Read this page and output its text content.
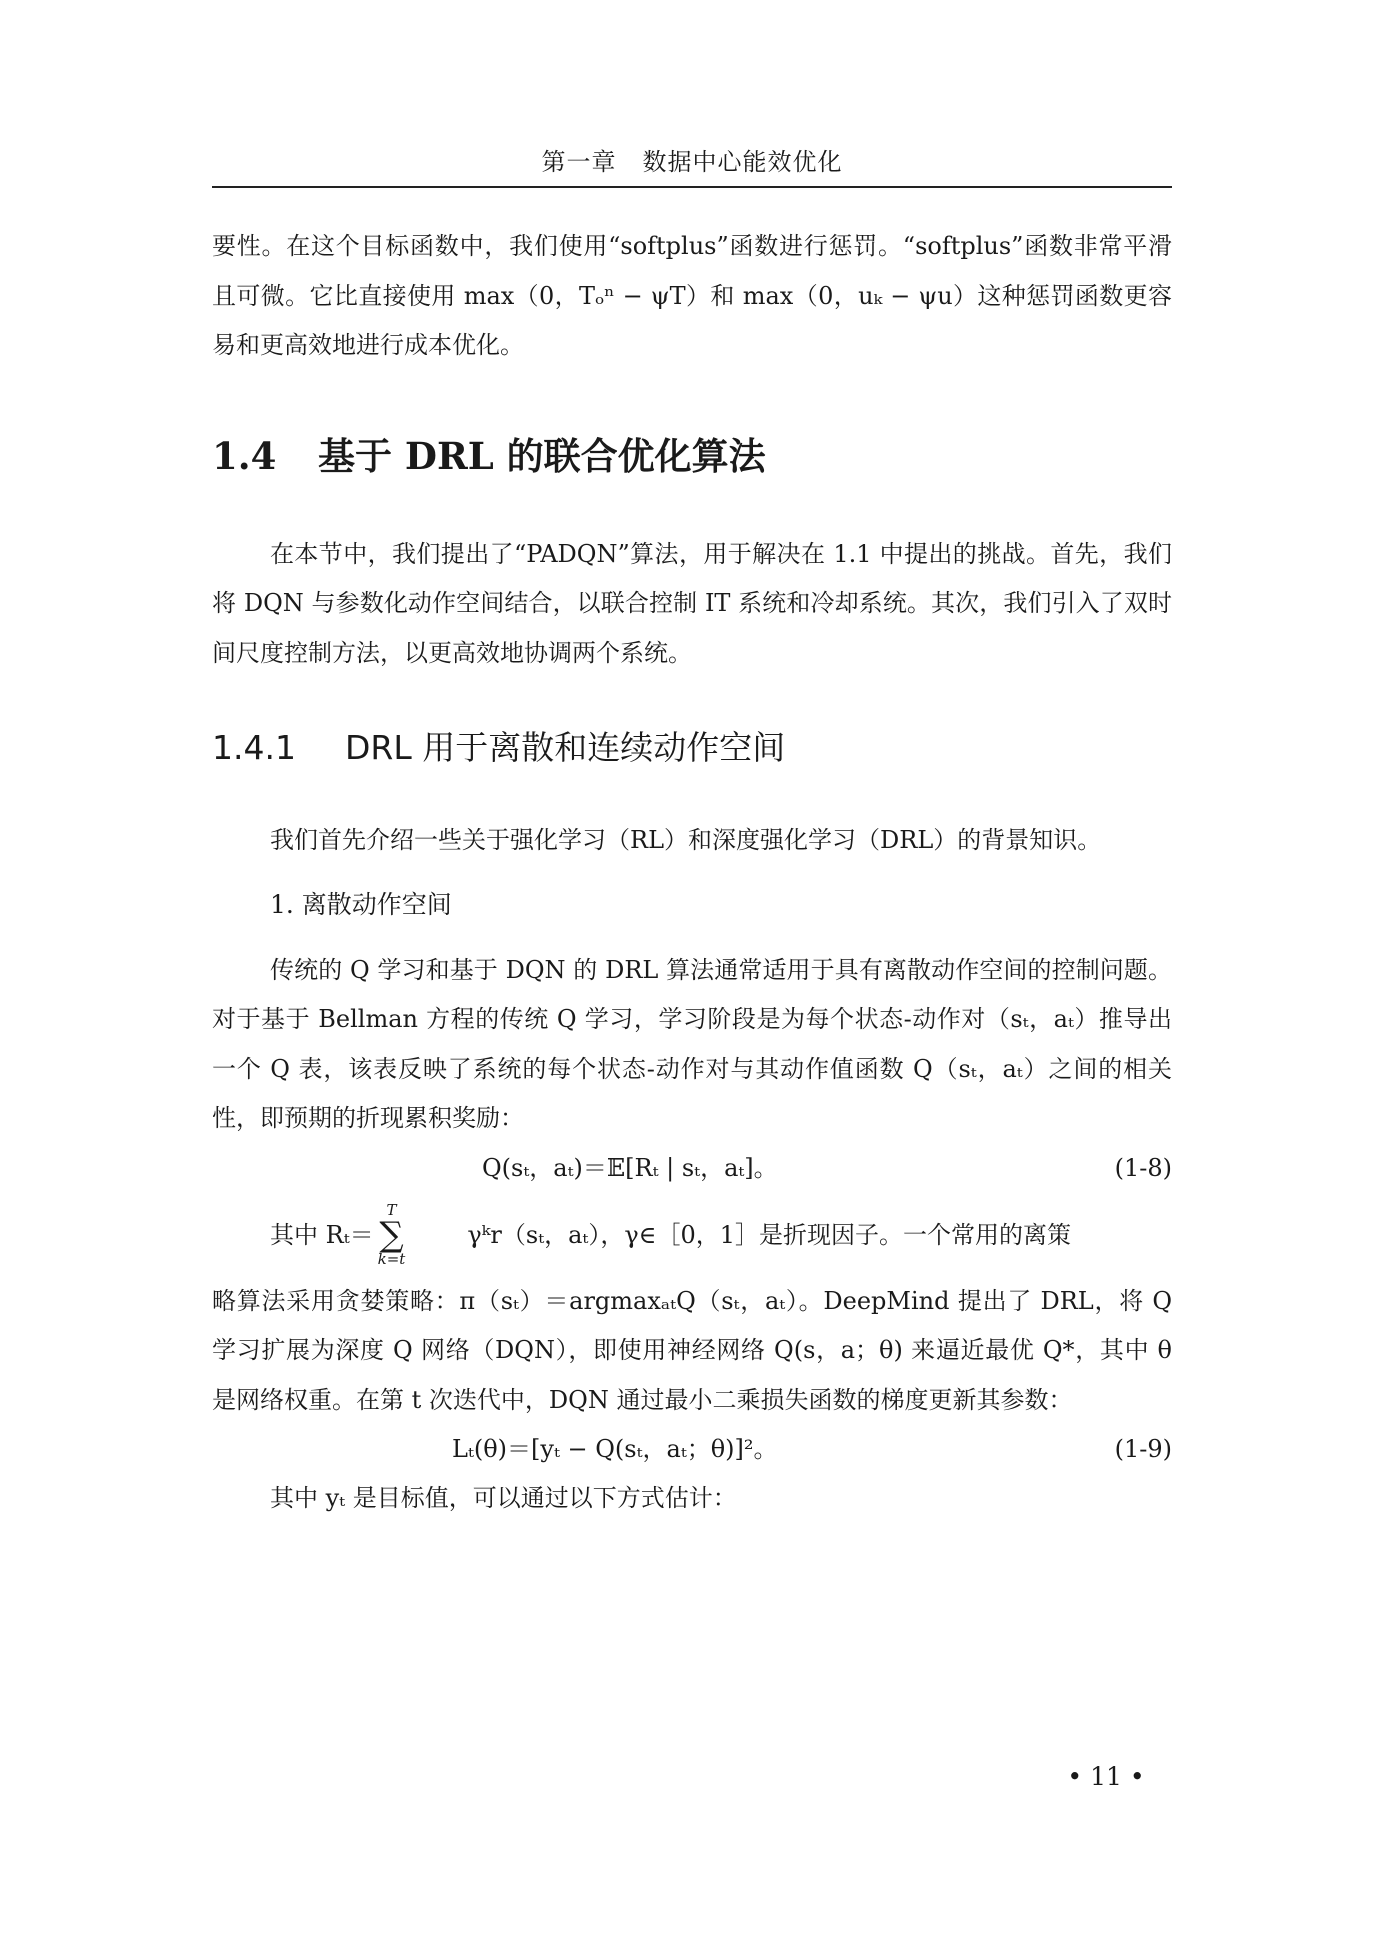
第一章 数据中心能效优化

要性。在这个目标函数中，我们使用“softplus”函数进行惩罚。“softplus”函数非常平滑且可微。它比直接使用 max（0，Tₒⁿ − ψT）和 max（0，uₖ − ψu）这种惩罚函数更容易和更高效地进行成本优化。

1.4 基于 DRL 的联合优化算法

在本节中，我们提出了“PADQN”算法，用于解决在 1.1 中提出的挑战。首先，我们将 DQN 与参数化动作空间结合，以联合控制 IT 系统和冷却系统。其次，我们引入了双时间尺度控制方法，以更高效地协调两个系统。

1.4.1 DRL 用于离散和连续动作空间

我们首先介绍一些关于强化学习（RL）和深度强化学习（DRL）的背景知识。

1. 离散动作空间

传统的 Q 学习和基于 DQN 的 DRL 算法通常适用于具有离散动作空间的控制问题。对于基于 Bellman 方程的传统 Q 学习，学习阶段是为每个状态-动作对（sₜ，aₜ）推导出一个 Q 表，该表反映了系统的每个状态-动作对与其动作值函数 Q（sₜ，aₜ）之间的相关性，即预期的折现累积奖励：

Q(sₜ，aₜ)＝𝔼[Rₜ | sₜ，aₜ]。	(1-8)
其中 Rₜ＝
T
∑
k=t
γᵏr（sₜ，aₜ），γ∈［0，1］是折现因子。一个常用的离策

略算法采用贪婪策略：π（sₜ）＝argmaxₐₜQ（sₜ，aₜ）。DeepMind 提出了 DRL，将 Q 学习扩展为深度 Q 网络（DQN），即使用神经网络 Q(s，a；θ) 来逼近最优 Q*，其中 θ 是网络权重。在第 t 次迭代中，DQN 通过最小二乘损失函数的梯度更新其参数：

Lₜ(θ)＝[yₜ − Q(sₜ，aₜ；θ)]²。	(1-9)

其中 yₜ 是目标值，可以通过以下方式估计：

• 11 •
